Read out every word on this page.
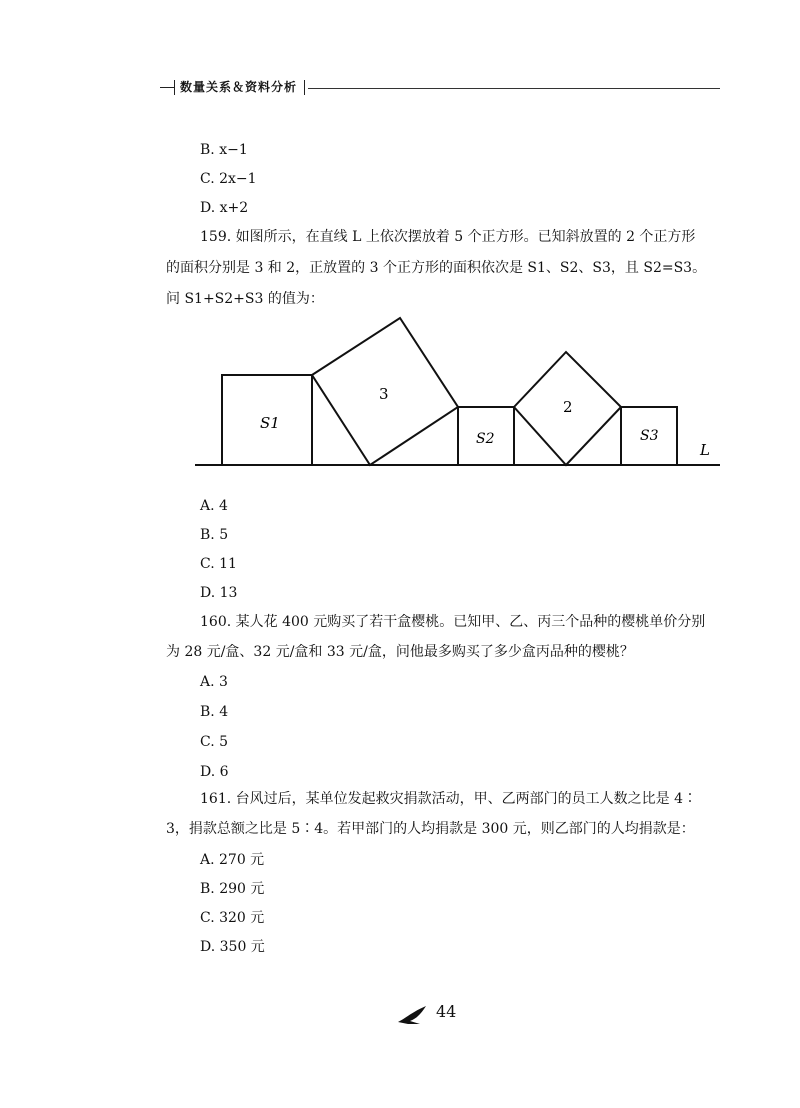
数量关系＆资料分析
B. x−1
C. 2x−1
D. x+2
159. 如图所示，在直线 L 上依次摆放着 5 个正方形。已知斜放置的 2 个正方形
的面积分别是 3 和 2，正放置的 3 个正方形的面积依次是 S1、S2、S3，且 S2=S3。
问 S1+S2+S3 的值为：
S1
3
S2
2
S3
L
A. 4
B. 5
C. 11
D. 13
160. 某人花 400 元购买了若干盒樱桃。已知甲、乙、丙三个品种的樱桃单价分别
为 28 元/盒、32 元/盒和 33 元/盒，问他最多购买了多少盒丙品种的樱桃？
A. 3
B. 4
C. 5
D. 6
161. 台风过后，某单位发起救灾捐款活动，甲、乙两部门的员工人数之比是 4∶
3，捐款总额之比是 5∶4。若甲部门的人均捐款是 300 元，则乙部门的人均捐款是：
A. 270 元
B. 290 元
C. 320 元
D. 350 元
44
